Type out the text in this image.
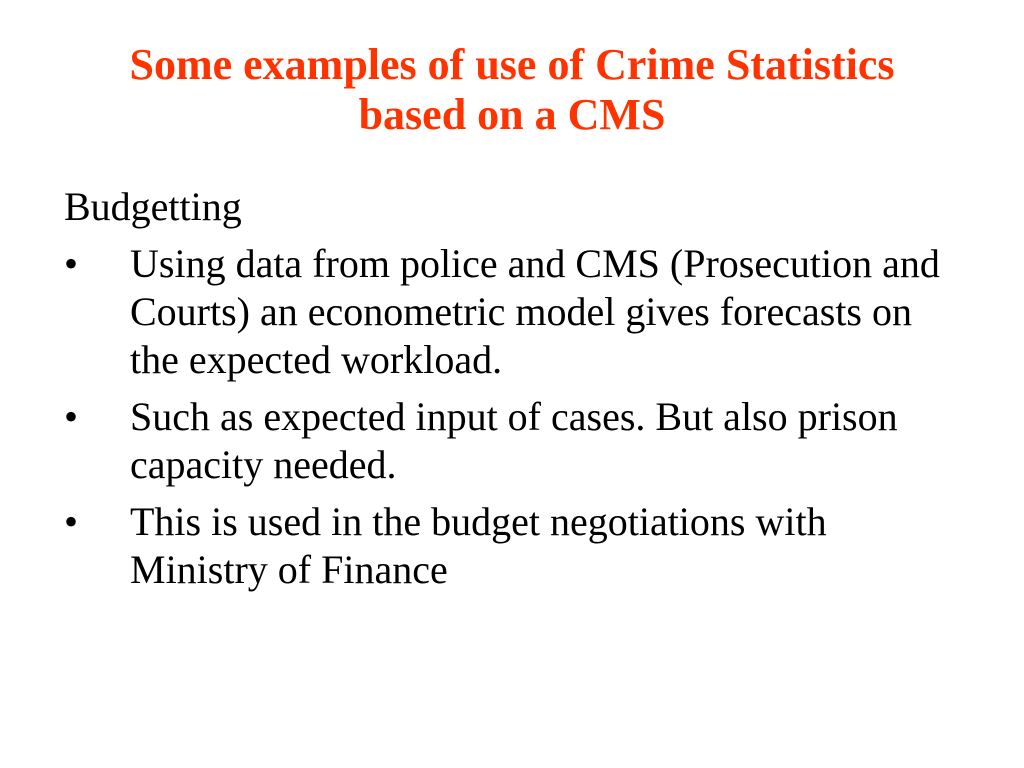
Some examples of use of Crime Statistics
based on a CMS
Budgetting
• Using data from police and CMS (Prosecution and Courts) an econometric model gives forecasts on the expected workload.
• Such as expected input of cases. But also prison capacity needed.
• This is used in the budget negotiations with Ministry of Finance
